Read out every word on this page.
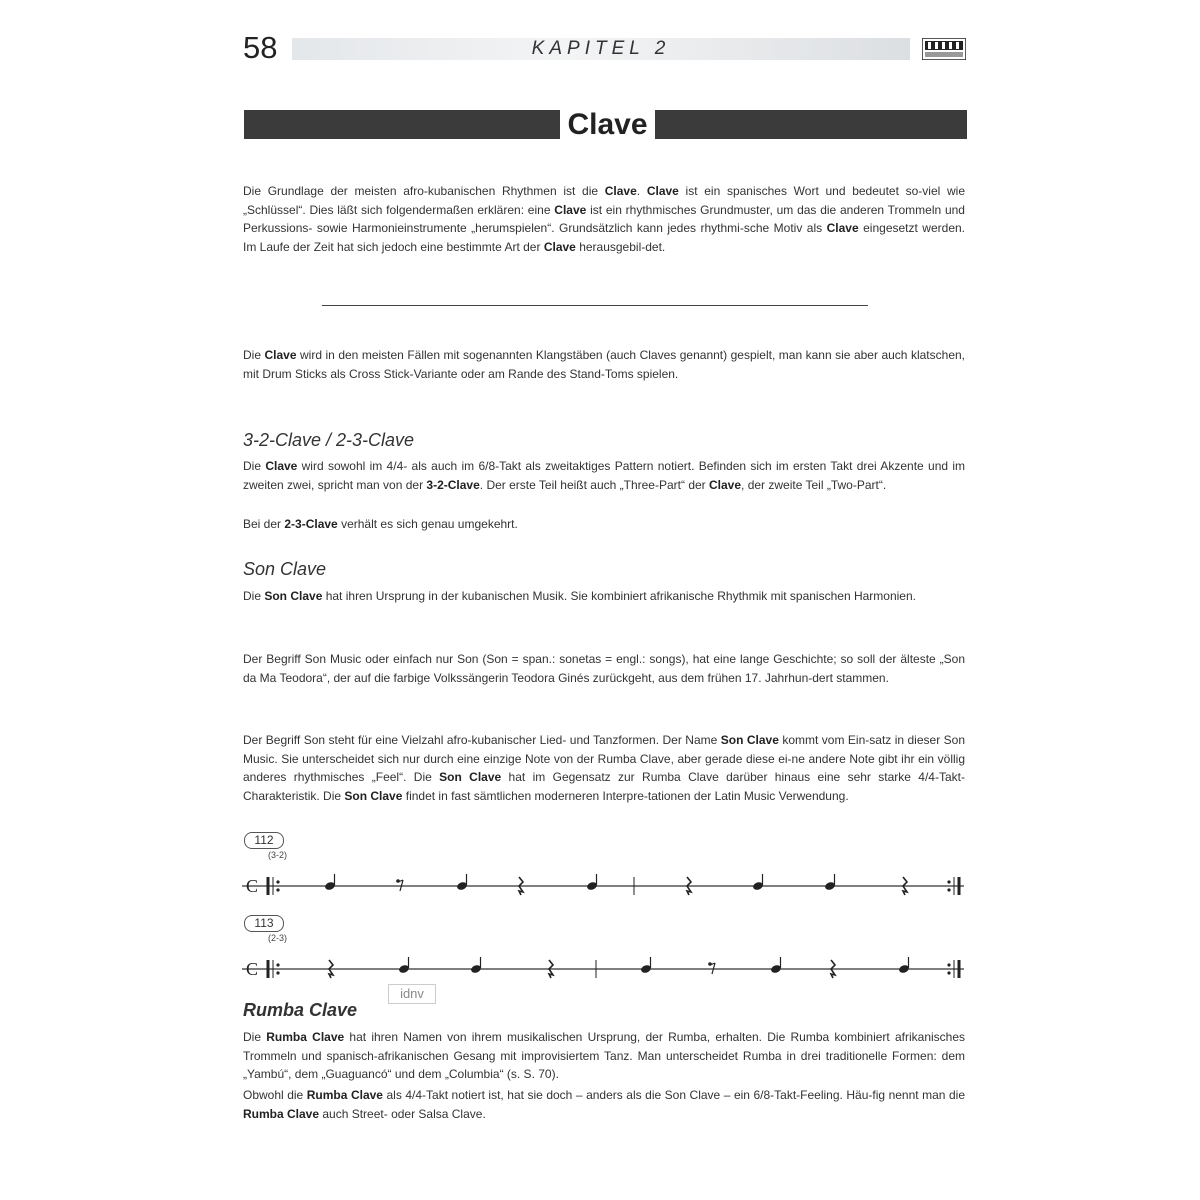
58	KAPITEL 2
Clave
Die Grundlage der meisten afro-kubanischen Rhythmen ist die Clave. Clave ist ein spanisches Wort und bedeutet so-viel wie „Schlüssel“. Dies läßt sich folgendermaßen erklären: eine Clave ist ein rhythmisches Grundmuster, um das die anderen Trommeln und Perkussions- sowie Harmonieinstrumente „herumspielen“. Grundsätzlich kann jedes rhythmi-sche Motiv als Clave eingesetzt werden. Im Laufe der Zeit hat sich jedoch eine bestimmte Art der Clave herausgebil-det.
Die Clave wird in den meisten Fällen mit sogenannten Klangstäben (auch Claves genannt) gespielt, man kann sie aber auch klatschen, mit Drum Sticks als Cross Stick-Variante oder am Rande des Stand-Toms spielen.
3-2-Clave / 2-3-Clave
Die Clave wird sowohl im 4/4- als auch im 6/8-Takt als zweitaktiges Pattern notiert. Befinden sich im ersten Takt drei Akzente und im zweiten zwei, spricht man von der 3-2-Clave. Der erste Teil heißt auch „Three-Part“ der Clave, der zweite Teil „Two-Part“.
Bei der 2-3-Clave verhält es sich genau umgekehrt.
Son Clave
Die Son Clave hat ihren Ursprung in der kubanischen Musik. Sie kombiniert afrikanische Rhythmik mit spanischen Harmonien.
Der Begriff Son Music oder einfach nur Son (Son = span.: sonetas = engl.: songs), hat eine lange Geschichte; so soll der älteste „Son da Ma Teodora“, der auf die farbige Volkssängerin Teodora Ginés zurückgeht, aus dem frühen 17. Jahrhun-dert stammen.
Der Begriff Son steht für eine Vielzahl afro-kubanischer Lied- und Tanzformen. Der Name Son Clave kommt vom Ein-satz in dieser Son Music. Sie unterscheidet sich nur durch eine einzige Note von der Rumba Clave, aber gerade diese ei-ne andere Note gibt ihr ein völlig anderes rhythmisches „Feel“. Die Son Clave hat im Gegensatz zur Rumba Clave darüber hinaus eine sehr starke 4/4-Takt-Charakteristik. Die Son Clave findet in fast sämtlichen moderneren Interpre-tationen der Latin Music Verwendung.
112
(3-2)
C
113
(2-3)
C
idnv
Rumba Clave
Die Rumba Clave hat ihren Namen von ihrem musikalischen Ursprung, der Rumba, erhalten. Die Rumba kombiniert afrikanisches Trommeln und spanisch-afrikanischen Gesang mit improvisiertem Tanz. Man unterscheidet Rumba in drei traditionelle Formen: dem „Yambú“, dem „Guaguancó“ und dem „Columbia“ (s. S. 70).
Obwohl die Rumba Clave als 4/4-Takt notiert ist, hat sie doch – anders als die Son Clave – ein 6/8-Takt-Feeling. Häu-fig nennt man die Rumba Clave auch Street- oder Salsa Clave.
